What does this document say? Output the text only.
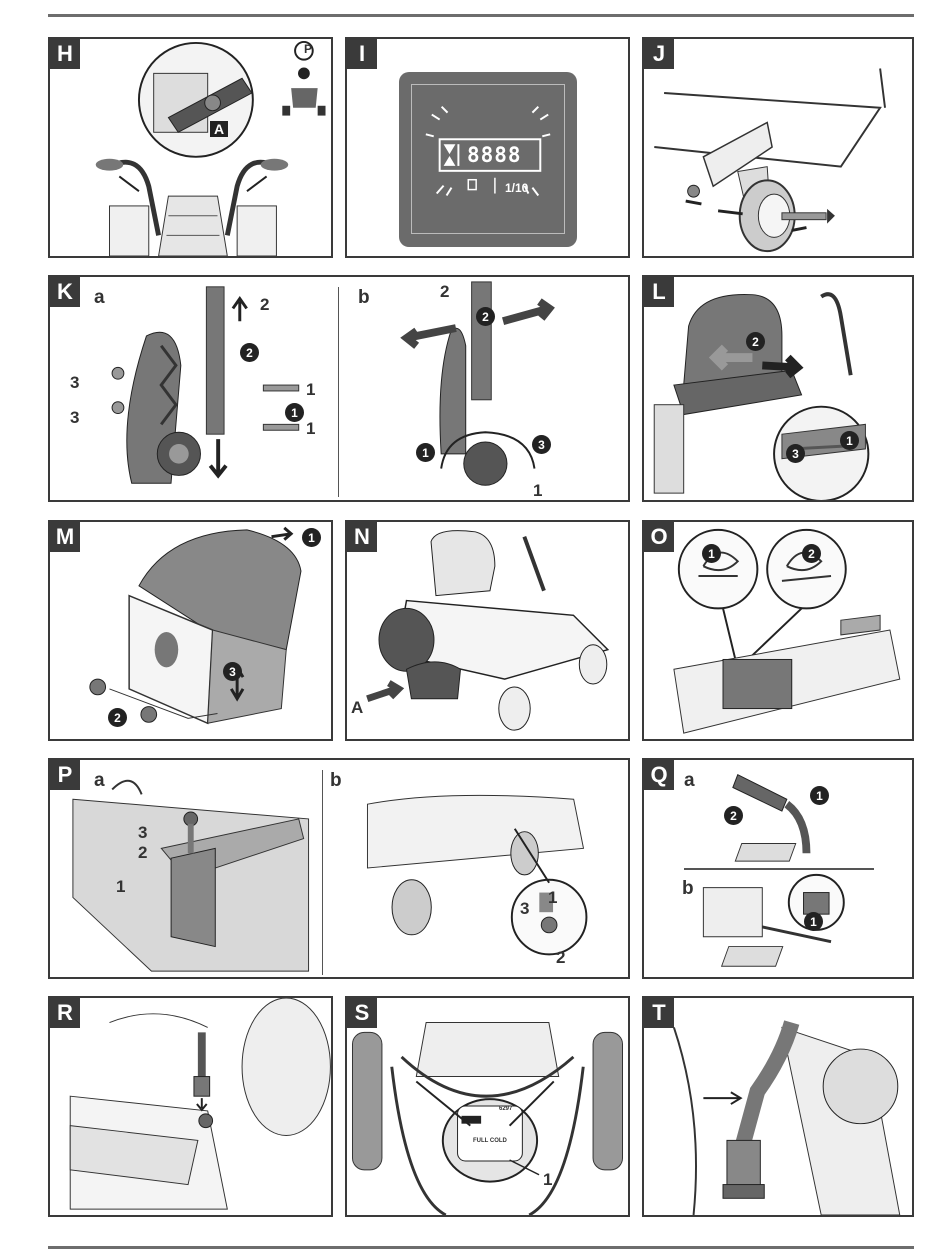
H	P
A
I
8888
1/10
J
K	a	b
2
1
1
3
3
2
1
2
2
1
3
1
L
2
3
1
M	1
3
2
N
A
O
1	2
P	a	b
3
2
1
3
1
2
Q a
b
1
2
1
R	S
6297
FULL COLD
1
T
